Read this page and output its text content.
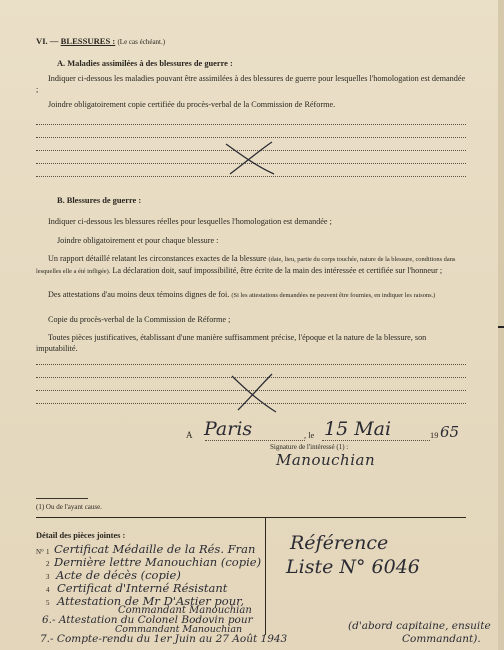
VI. — BLESSURES : (Le cas échéant.)
A. Maladies assimilées à des blessures de guerre :
Indiquer ci-dessous les maladies pouvant être assimilées à des blessures de guerre pour lesquelles l'homologation est demandée ;
Joindre obligatoirement copie certifiée du procès-verbal de la Commission de Réforme.
B. Blessures de guerre :
Indiquer ci-dessous les blessures réelles pour lesquelles l'homologation est demandée ;
Joindre obligatoirement et pour chaque blessure :
Un rapport détaillé relatant les circonstances exactes de la blessure (date, lieu, partie du corps touchée, nature de la blessure, conditions dans lesquelles elle a été infligée). La déclaration doit, sauf impossibilité, être écrite de la main des intéressée et certifiée sur l'honneur ;
Des attestations d'au moins deux témoins dignes de foi. (Si les attestations demandées ne peuvent être fournies, en indiquer les raisons.)
Copie du procès-verbal de la Commission de Réforme ;
Toutes pièces justificatives, établissant d'une manière suffisamment précise, l'époque et la nature de la blessure, son imputabilité.
A Paris	, le 15 Mai	19 65
Signature de l'intéressé (1) :
Manouchian
(1) Ou de l'ayant cause.
Détail des pièces jointes :
N° 1 Certificat Médaille de la Rés. Fran
2 Dernière lettre Manouchian (copie)
3 Acte de décès (copie)
4 Certificat d'Interné Résistant
5 Attestation de Mr D'Astier pour,
Commandant Manouchian
6.- Attestation du Colonel Bodovin pour
Commandant Manouchian
7.- Compte-rendu du 1er Juin au 27 Août 1943
(d'abord capitaine, ensuite
Commandant).
Référence
Liste N° 6046
